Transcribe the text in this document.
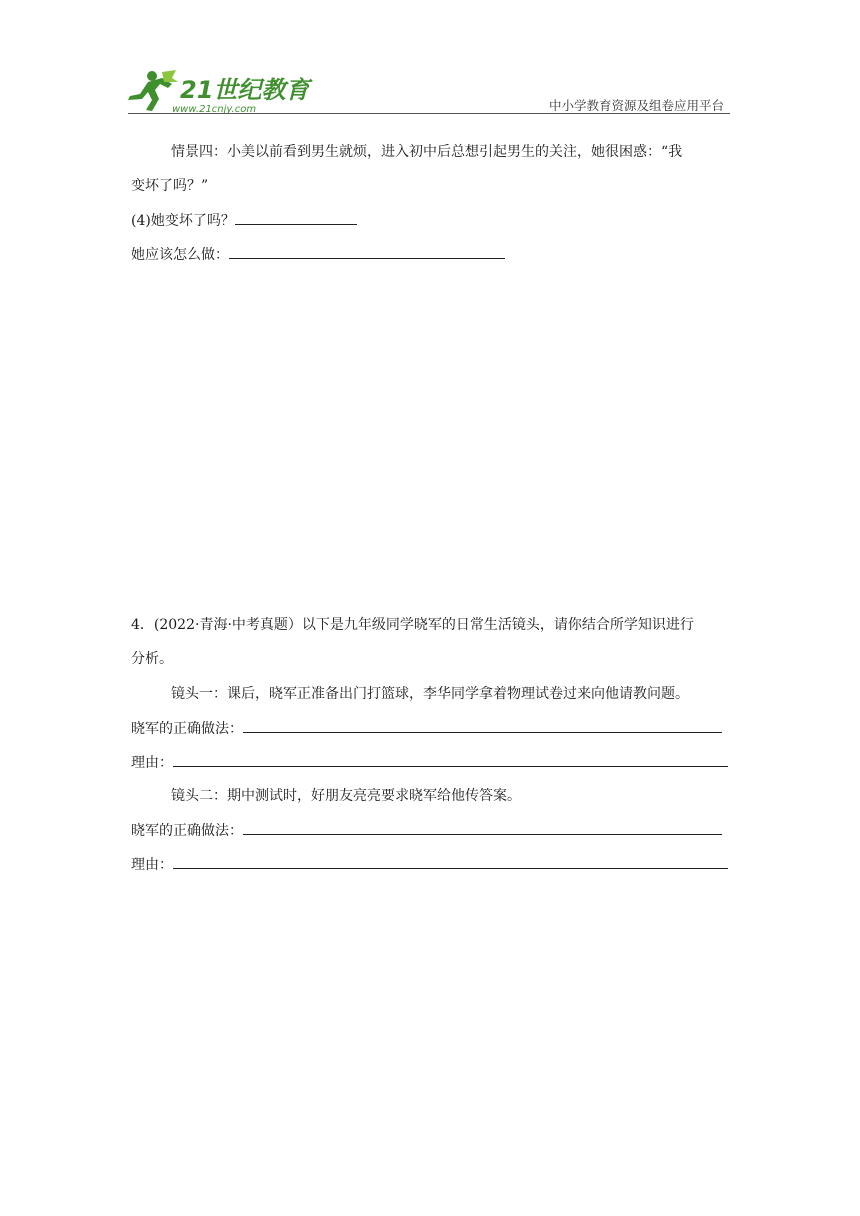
21世纪教育
www.21cnjy.com	中小学教育资源及组卷应用平台
情景四：小美以前看到男生就烦，进入初中后总想引起男生的关注，她很困惑：“我
变坏了吗？”
(4)她变坏了吗？
她应该怎么做：
4．(2022·青海·中考真题）以下是九年级同学晓军的日常生活镜头，请你结合所学知识进行
分析。
镜头一：课后，晓军正准备出门打篮球，李华同学拿着物理试卷过来向他请教问题。
晓军的正确做法：
理由：
镜头二：期中测试时，好朋友亮亮要求晓军给他传答案。
晓军的正确做法：
理由：
